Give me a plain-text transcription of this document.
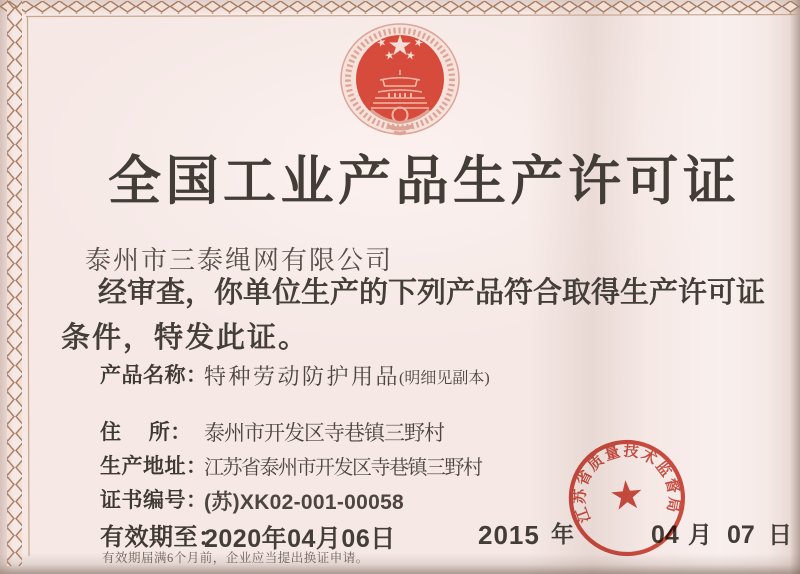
全国工业产品生产许可证
泰州市三泰绳网有限公司
经审查，你单位生产的下列产品符合取得生产许可证
条件，特发此证。
产品名称：
特种劳动防护用品
(明细见副本)
住　 所： 泰州市开发区寺巷镇三野村
生产地址：
江苏省泰州市开发区寺巷镇三野村
证书编号：
(苏)XK02-001-00058
有效期至：
2020年04月06日
有效期届满6个月前，企业应当提出换证申请。
2015 年	04 月 07 日
江苏省质量技术监督局
